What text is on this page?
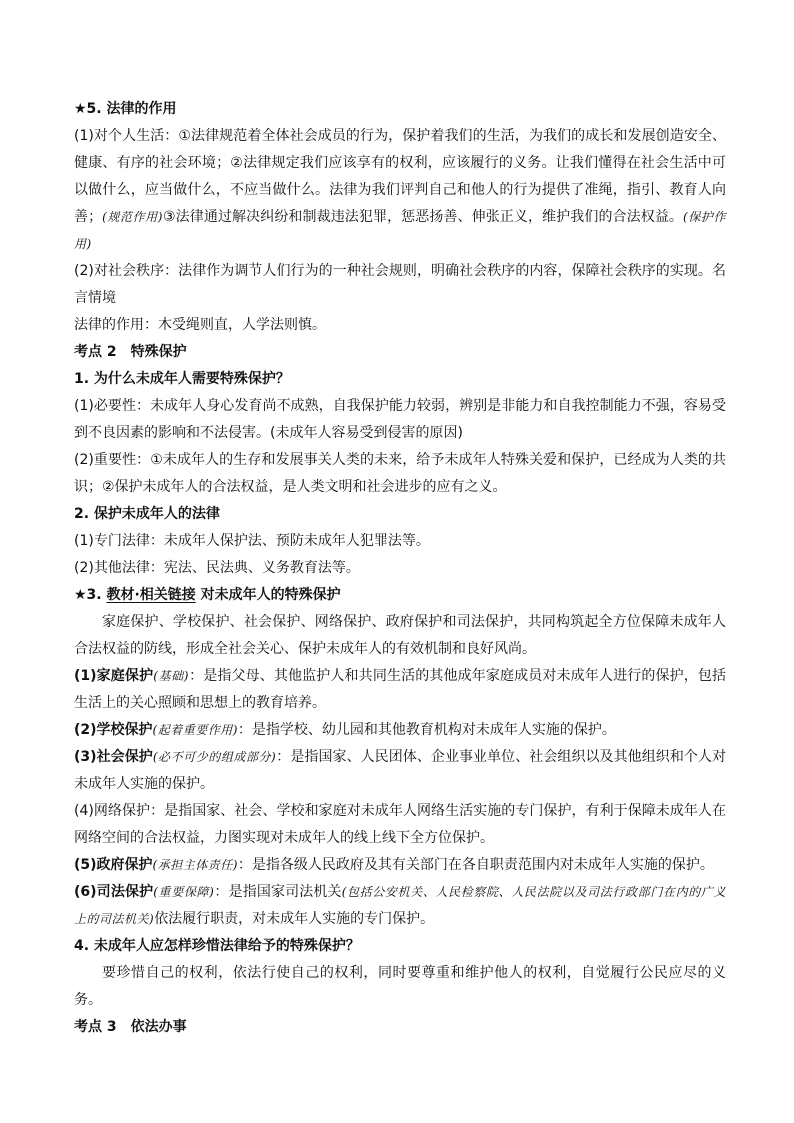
★5. 法律的作用

(1)对个人生活：①法律规范着全体社会成员的行为，保护着我们的生活，为我们的成长和发展创造安全、健康、有序的社会环境；②法律规定我们应该享有的权利，应该履行的义务。让我们懂得在社会生活中可以做什么，应当做什么，不应当做什么。法律为我们评判自己和他人的行为提供了准绳，指引、教育人向善；(规范作用)③法律通过解决纠纷和制裁违法犯罪，惩恶扬善、伸张正义，维护我们的合法权益。(保护作用)

(2)对社会秩序：法律作为调节人们行为的一种社会规则，明确社会秩序的内容，保障社会秩序的实现。名言情境

法律的作用：木受绳则直，人学法则慎。

考点 2 特殊保护

1. 为什么未成年人需要特殊保护？

(1)必要性：未成年人身心发育尚不成熟，自我保护能力较弱，辨别是非能力和自我控制能力不强，容易受到不良因素的影响和不法侵害。(未成年人容易受到侵害的原因)

(2)重要性：①未成年人的生存和发展事关人类的未来，给予未成年人特殊关爱和保护，已经成为人类的共识；②保护未成年人的合法权益，是人类文明和社会进步的应有之义。

2. 保护未成年人的法律

(1)专门法律：未成年人保护法、预防未成年人犯罪法等。

(2)其他法律：宪法、民法典、义务教育法等。

★3. 教材·相关链接 对未成年人的特殊保护

家庭保护、学校保护、社会保护、网络保护、政府保护和司法保护，共同构筑起全方位保障未成年人合法权益的防线，形成全社会关心、保护未成年人的有效机制和良好风尚。

(1)家庭保护(基础)：是指父母、其他监护人和共同生活的其他成年家庭成员对未成年人进行的保护，包括生活上的关心照顾和思想上的教育培养。

(2)学校保护(起着重要作用)：是指学校、幼儿园和其他教育机构对未成年人实施的保护。

(3)社会保护(必不可少的组成部分)：是指国家、人民团体、企业事业单位、社会组织以及其他组织和个人对未成年人实施的保护。

(4)网络保护：是指国家、社会、学校和家庭对未成年人网络生活实施的专门保护，有利于保障未成年人在网络空间的合法权益，力图实现对未成年人的线上线下全方位保护。

(5)政府保护(承担主体责任)：是指各级人民政府及其有关部门在各自职责范围内对未成年人实施的保护。

(6)司法保护(重要保障)：是指国家司法机关(包括公安机关、人民检察院、人民法院以及司法行政部门在内的广义上的司法机关)依法履行职责，对未成年人实施的专门保护。

4. 未成年人应怎样珍惜法律给予的特殊保护？

要珍惜自己的权利，依法行使自己的权利，同时要尊重和维护他人的权利，自觉履行公民应尽的义务。

考点 3 依法办事
